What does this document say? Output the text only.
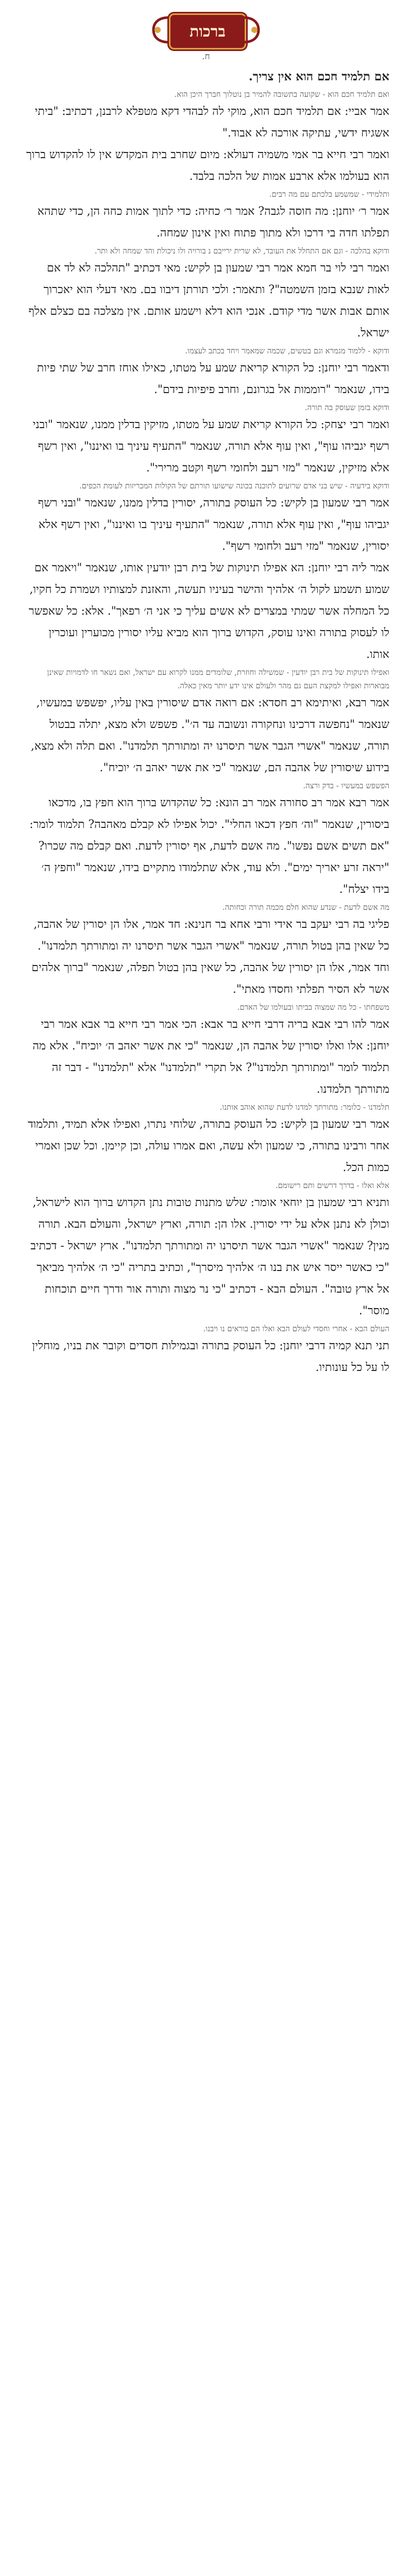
ברכות
ח.

אם תלמיד חכם הוא אין צריך.

ואם תלמיד חכם הוא - שקועה בתשובה להמיר בן נוטלוך חברך היכן הוא.

אמר אביי: אם תלמיד חכם הוא, מוקי לה לבהדי דקא מטפלא לרבנן, דכתיב: "ביתי אשגיח ידשי, עתיקה אורכה לא אבוד."

ואמר רבי חייא בר אמי משמיה דעולא: מיום שחרב בית המקדש אין לו להקדוש ברוך הוא בעולמו אלא ארבע אמות של הלכה בלבד.

ותלמידי - שמשמע בלכתם עם מה רבים.

אמר ר׳ יוחנן: מה חוסה לגבה? אמר ר׳ כחיה: כדי לתוך אמות כחה הן, כדי שתהא תפלתו חדה בי דרכו ולא מתוך פתוח ואין אינון שמחה.

ודוקא בהלכה - וגם אם התחלל את העובד, לא שרית ירייבם נ בורויה ולו ניכולת והד שמחה ולא ותר.

ואמר רבי לוי בר חמא אמר רבי שמעון בן לקיש: מאי דכתיב "תהלכה לא לד אם לאות שנבא בזמן השמטה"? ותאמר: ולכי תורתן דיבוו בם. מאי דעלי הוא יאכרוך אותם אבות אשר מדי קודם. אנכי הוא דלא וישמע אותם. אין מצלכה בם כצלם אלף ישראל.

ודוקא - ללמוד מגמרא וגם בטשים, שכמה שמאמר ויחד בכתב לעצמו.

ודאמר רבי יוחנן: כל הקורא קריאת שמע על מטתו, כאילו אוחז חרב של שתי פיות בידו, שנאמר "רוממות אל בגרונם, וחרב פיפיות בידם".

ודוקא בזמן שעוסק בה תורה.

ואמר רבי יצחק: כל הקורא קריאת שמע על מטתו, מזיקין בדלין ממנו, שנאמר "ובני רשף יגביהו עוף", ואין עוף אלא תורה, שנאמר "התעיף עיניך בו ואיננו", ואין רשף אלא מזיקין, שנאמר "מזי רעב ולחומי רשף וקטב מרירי".

ודוקא בידעיה - שיש בני אדם שרועים לתוכנה בכונה שישועו תורתם של הקולות המכריזות לעומת הכפים.

אמר רבי שמעון בן לקיש: כל העוסק בתורה, יסורין בדלין ממנו, שנאמר "ובני רשף יגביהו עוף", ואין עוף אלא תורה, שנאמר "התעיף עיניך בו ואיננו", ואין רשף אלא יסורין, שנאמר "מזי רעב ולחומי רשף".

אמר ליה רבי יוחנן: הא אפילו תינוקות של בית רבן יודעין אותו, שנאמר "ויאמר אם שמוע תשמע לקול ה׳ אלהיך והישר בעיניו תעשה, והאזנת למצותיו ושמרת כל חקיו, כל המחלה אשר שמתי במצרים לא אשים עליך כי אני ה׳ רפאך". אלא: כל שאפשר לו לעסוק בתורה ואינו עוסק, הקדוש ברוך הוא מביא עליו יסורין מכוערין ועוכרין אותו.

ואפילו תינוקות של בית רבן יודעין - שמשילה וחוזרת, שלומדים ממנו לקרוא עם ישראל, ואם נשאר חו לדמויות שאינן מבוארות ואפילו למקצת העם גם מהר ולעולם אינו ידע יותר מאין כאלה.

אמר רבא, ואיתימא רב חסדא: אם רואה אדם שיסורין באין עליו, יפשפש במעשיו, שנאמר "נחפשה דרכינו ונחקורה ונשובה עד ה׳". פשפש ולא מצא, יתלה בבטול תורה, שנאמר "אשרי הגבר אשר תיסרנו יה ומתורתך תלמדנו". ואם תלה ולא מצא, בידוע שיסורין של אהבה הם, שנאמר "כי את אשר יאהב ה׳ יוכיח".

הפשפש במעשיו - בדק ורצה.

אמר רבא אמר רב סחורה אמר רב הונא: כל שהקדוש ברוך הוא חפץ בו, מדכאו ביסורין, שנאמר "וה׳ חפץ דכאו החלי". יכול אפילו לא קבלם מאהבה? תלמוד לומר: "אם תשים אשם נפשו". מה אשם לדעת, אף יסורין לדעת. ואם קבלם מה שכרו? "יראה זרע יאריך ימים". ולא עוד, אלא שתלמודו מתקיים בידו, שנאמר "וחפץ ה׳ בידו יצלח".

מה אשם לדעת - שנדע שהוא חלם מכמה תורה וכחותה.

פליגי בה רבי יעקב בר אידי ורבי אחא בר חנינא: חד אמר, אלו הן יסורין של אהבה, כל שאין בהן בטול תורה, שנאמר "אשרי הגבר אשר תיסרנו יה ומתורתך תלמדנו". וחד אמר, אלו הן יסורין של אהבה, כל שאין בהן בטול תפלה, שנאמר "ברוך אלהים אשר לא הסיר תפלתי וחסדו מאתי".

משפחתו - כל מה שמצוה בביתו ובעולמו של האדם.

אמר להו רבי אבא בריה דרבי חייא בר אבא: הכי אמר רבי חייא בר אבא אמר רבי יוחנן: אלו ואלו יסורין של אהבה הן, שנאמר "כי את אשר יאהב ה׳ יוכיח". אלא מה תלמוד לומר "ומתורתך תלמדנו"? אל תקרי "תלמדנו" אלא "תלמדנו" - דבר זה מתורתך תלמדנו.

תלמדנו - כלומר: מתורתך למדנו לדעת שהוא אוהב אותנו.

אמר רבי שמעון בן לקיש: כל העוסק בתורה, שלוחי נתרו, ואפילו אלא תמיד, ותלמוד אחר ורבינו בתורה, כי שמעון ולא עשה, ואם אמרו עולה, וכן קיימן. וכל שכן ואמרי כמות הכל.

אלא ואלו - בדרך דרשים ותם רישומם.

ותניא רבי שמעון בן יוחאי אומר: שלש מתנות טובות נתן הקדוש ברוך הוא לישראל, וכולן לא נתנן אלא על ידי יסורין. אלו הן: תורה, וארץ ישראל, והעולם הבא. תורה מנין? שנאמר "אשרי הגבר אשר תיסרנו יה ומתורתך תלמדנו". ארץ ישראל - דכתיב "כי כאשר ייסר איש את בנו ה׳ אלהיך מיסרך", וכתיב בתריה "כי ה׳ אלהיך מביאך אל ארץ טובה". העולם הבא - דכתיב "כי נר מצוה ותורה אור ודרך חיים תוכחות מוסר".

העולם הבא - אחרי וחסדי לעולם הבא ואלו הם בוראים נו ויבנו.

תני תנא קמיה דרבי יוחנן: כל העוסק בתורה ובגמילות חסדים וקובר את בניו, מוחלין לו על כל עונותיו.
